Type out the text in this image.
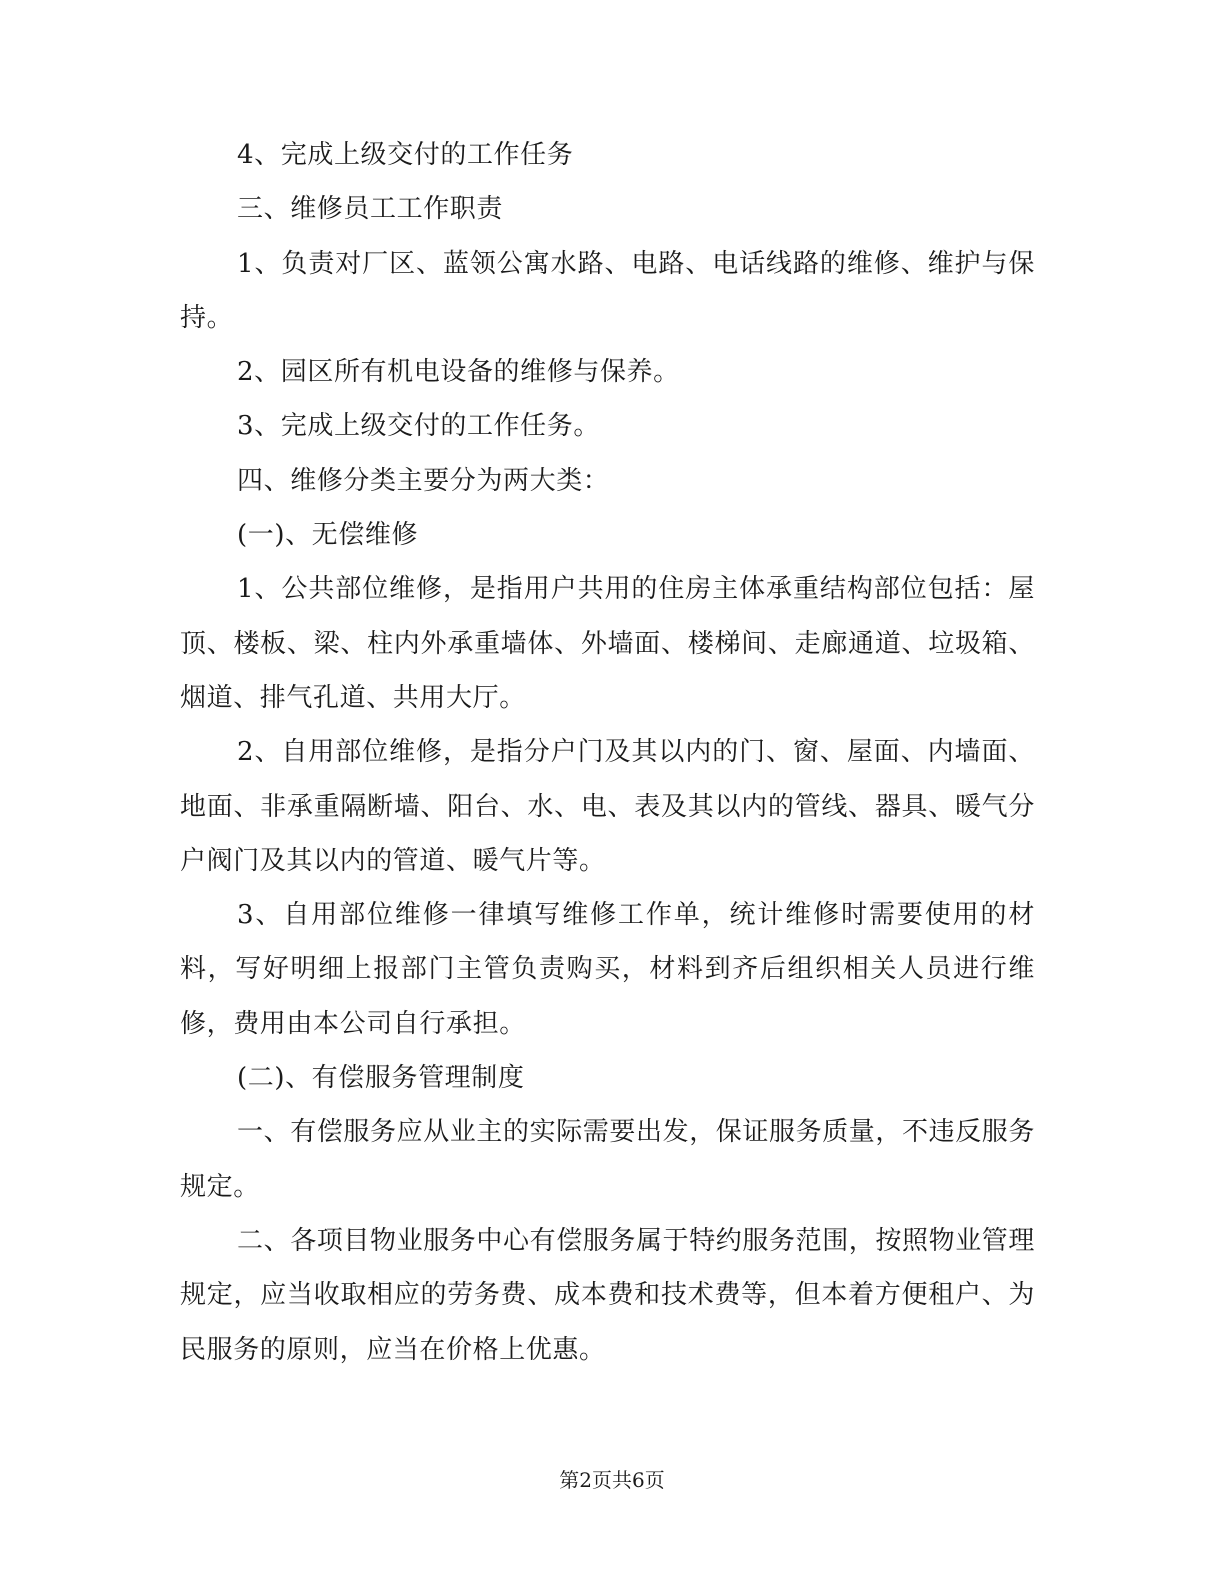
4、完成上级交付的工作任务

三、维修员工工作职责

1、负责对厂区、蓝领公寓水路、电路、电话线路的维修、维护与保持。

2、园区所有机电设备的维修与保养。

3、完成上级交付的工作任务。

四、维修分类主要分为两大类：

(一)、无偿维修

1、公共部位维修，是指用户共用的住房主体承重结构部位包括：屋顶、楼板、梁、柱内外承重墙体、外墙面、楼梯间、走廊通道、垃圾箱、烟道、排气孔道、共用大厅。

2、自用部位维修，是指分户门及其以内的门、窗、屋面、内墙面、地面、非承重隔断墙、阳台、水、电、表及其以内的管线、器具、暖气分户阀门及其以内的管道、暖气片等。

3、自用部位维修一律填写维修工作单，统计维修时需要使用的材料，写好明细上报部门主管负责购买，材料到齐后组织相关人员进行维修，费用由本公司自行承担。

(二)、有偿服务管理制度

一、有偿服务应从业主的实际需要出发，保证服务质量，不违反服务规定。

二、各项目物业服务中心有偿服务属于特约服务范围，按照物业管理规定，应当收取相应的劳务费、成本费和技术费等，但本着方便租户、为民服务的原则，应当在价格上优惠。

第2页共6页
